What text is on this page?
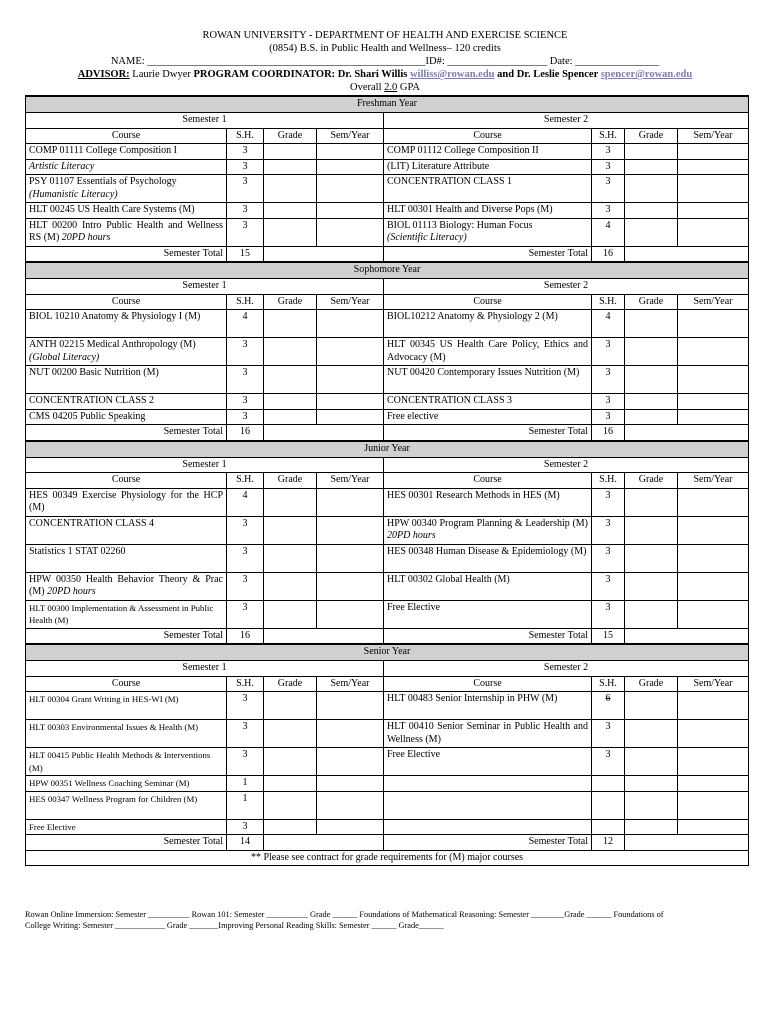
ROWAN UNIVERSITY - DEPARTMENT OF HEALTH AND EXERCISE SCIENCE
(0854) B.S. in Public Health and Wellness– 120 credits
NAME: _____________________________________________________ID#: ___________________ Date: ________________
ADVISOR: Laurie Dwyer PROGRAM COORDINATOR: Dr. Shari Willis williss@rowan.edu and Dr. Leslie Spencer spencer@rowan.edu
Overall 2.0 GPA
Freshman Year							
Semester 1				Semester 2			
Course	S.H.	Grade	Sem/Year	Course	S.H.	Grade	Sem/Year
COMP 01111 College Composition I	3			COMP 01112 College Composition II	3		
Artistic Literacy	3			(LIT) Literature Attribute	3		
PSY 01107 Essentials of Psychology
(Humanistic Literacy)	3			CONCENTRATION CLASS 1	3		
HLT 00245 US Health Care Systems (M)	3			HLT 00301 Health and Diverse Pops (M)	3		
HLT 00200 Intro Public Health and Wellness RS (M) 20PD hours	3			BIOL 01113 Biology: Human Focus
(Scientific Literacy)	4		
Semester Total	15			Semester Total	16		
Sophomore Year							
Semester 1				Semester 2			
Course	S.H.	Grade	Sem/Year	Course	S.H.	Grade	Sem/Year
BIOL 10210 Anatomy & Physiology I (M)	4			BIOL10212 Anatomy & Physiology 2 (M)	4		
ANTH 02215 Medical Anthropology (M)
(Global Literacy)	3			HLT 00345 US Health Care Policy, Ethics and Advocacy (M)	3		
NUT 00200 Basic Nutrition (M)	3			NUT 00420 Contemporary Issues Nutrition (M)	3		
CONCENTRATION CLASS 2	3			CONCENTRATION CLASS 3	3		
CMS 04205 Public Speaking	3			Free elective	3		
Semester Total	16			Semester Total	16		
Junior Year							
Semester 1				Semester 2			
Course	S.H.	Grade	Sem/Year	Course	S.H.	Grade	Sem/Year
HES 00349 Exercise Physiology for the HCP (M)	4			HES 00301 Research Methods in HES (M)	3		
CONCENTRATION CLASS 4	3			HPW 00340 Program Planning & Leadership (M) 20PD hours	3		
Statistics 1 STAT 02260	3			HES 00348 Human Disease & Epidemiology (M)	3		
HPW 00350 Health Behavior Theory & Prac (M) 20PD hours	3			HLT 00302 Global Health (M)	3		
HLT 00300 Implementation & Assessment in Public Health (M)	3			Free Elective	3		
Semester Total	16			Semester Total	15		
Senior Year							
Semester 1				Semester 2			
Course	S.H.	Grade	Sem/Year	Course	S.H.	Grade	Sem/Year
HLT 00304 Grant Writing in HES-WI (M)	3			HLT 00483 Senior Internship in PHW (M)	6		
HLT 00303 Environmental Issues & Health (M)	3			HLT 00410 Senior Seminar in Public Health and Wellness (M)	3		
HLT 00415 Public Health Methods & Interventions (M)	3			Free Elective	3		
HPW 00351 Wellness Coaching Seminar (M)	1						
HES 00347 Wellness Program for Children (M)	1						
Free Elective	3						
Semester Total	14			Semester Total	12		
** Please see contract for grade requirements for (M) major courses							
Rowan Online Immersion: Semester __________ Rowan 101: Semester __________ Grade ______ Foundations of Mathematical Reasoning: Semester ________Grade ______ Foundations of
College Writing: Semester ____________ Grade _______Improving Personal Reading Skills: Semester ______ Grade______
